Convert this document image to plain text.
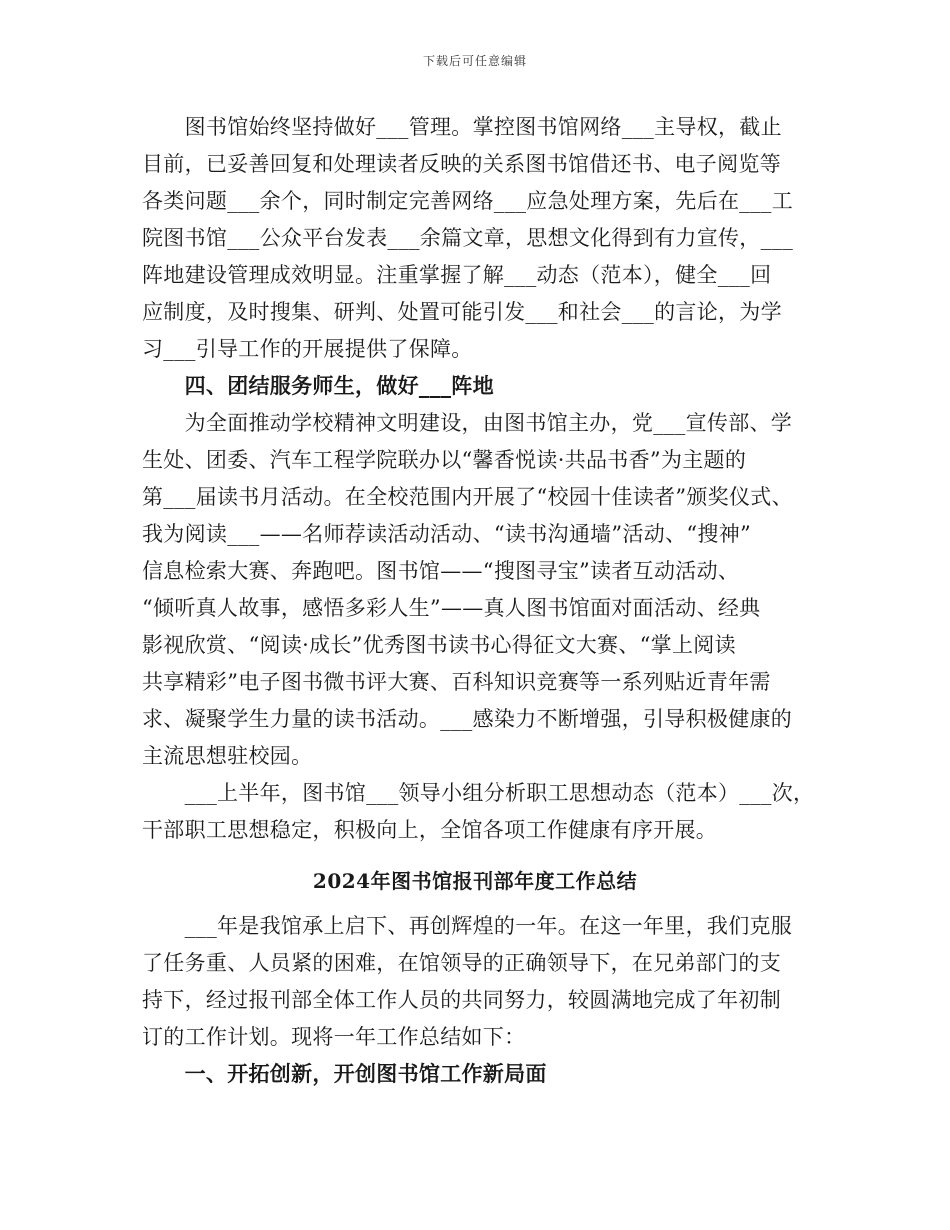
下载后可任意编辑
　　图书馆始终坚持做好___管理。掌控图书馆网络___主导权，截止
目前，已妥善回复和处理读者反映的关系图书馆借还书、电子阅览等
各类问题___余个，同时制定完善网络___应急处理方案，先后在___工
院图书馆___公众平台发表___余篇文章，思想文化得到有力宣传，___
阵地建设管理成效明显。注重掌握了解___动态（范本），健全___回
应制度，及时搜集、研判、处置可能引发___和社会___的言论，为学
习___引导工作的开展提供了保障。
　　四、团结服务师生，做好___阵地
　　为全面推动学校精神文明建设，由图书馆主办，党___宣传部、学
生处、团委、汽车工程学院联办以“馨香悦读·共品书香”为主题的
第___届读书月活动。在全校范围内开展了“校园十佳读者”颁奖仪式、
我为阅读___——名师荐读活动活动、“读书沟通墙”活动、“搜神”
信息检索大赛、奔跑吧。图书馆——“搜图寻宝”读者互动活动、
“倾听真人故事，感悟多彩人生”——真人图书馆面对面活动、经典
影视欣赏、“阅读·成长”优秀图书读书心得征文大赛、“掌上阅读
共享精彩”电子图书微书评大赛、百科知识竞赛等一系列贴近青年需
求、凝聚学生力量的读书活动。___感染力不断增强，引导积极健康的
主流思想驻校园。
　　___上半年，图书馆___领导小组分析职工思想动态（范本）___次，
干部职工思想稳定，积极向上，全馆各项工作健康有序开展。
2024年图书馆报刊部年度工作总结
　　___年是我馆承上启下、再创辉煌的一年。在这一年里，我们克服
了任务重、人员紧的困难，在馆领导的正确领导下，在兄弟部门的支
持下，经过报刊部全体工作人员的共同努力，较圆满地完成了年初制
订的工作计划。现将一年工作总结如下：
　　一、开拓创新，开创图书馆工作新局面
